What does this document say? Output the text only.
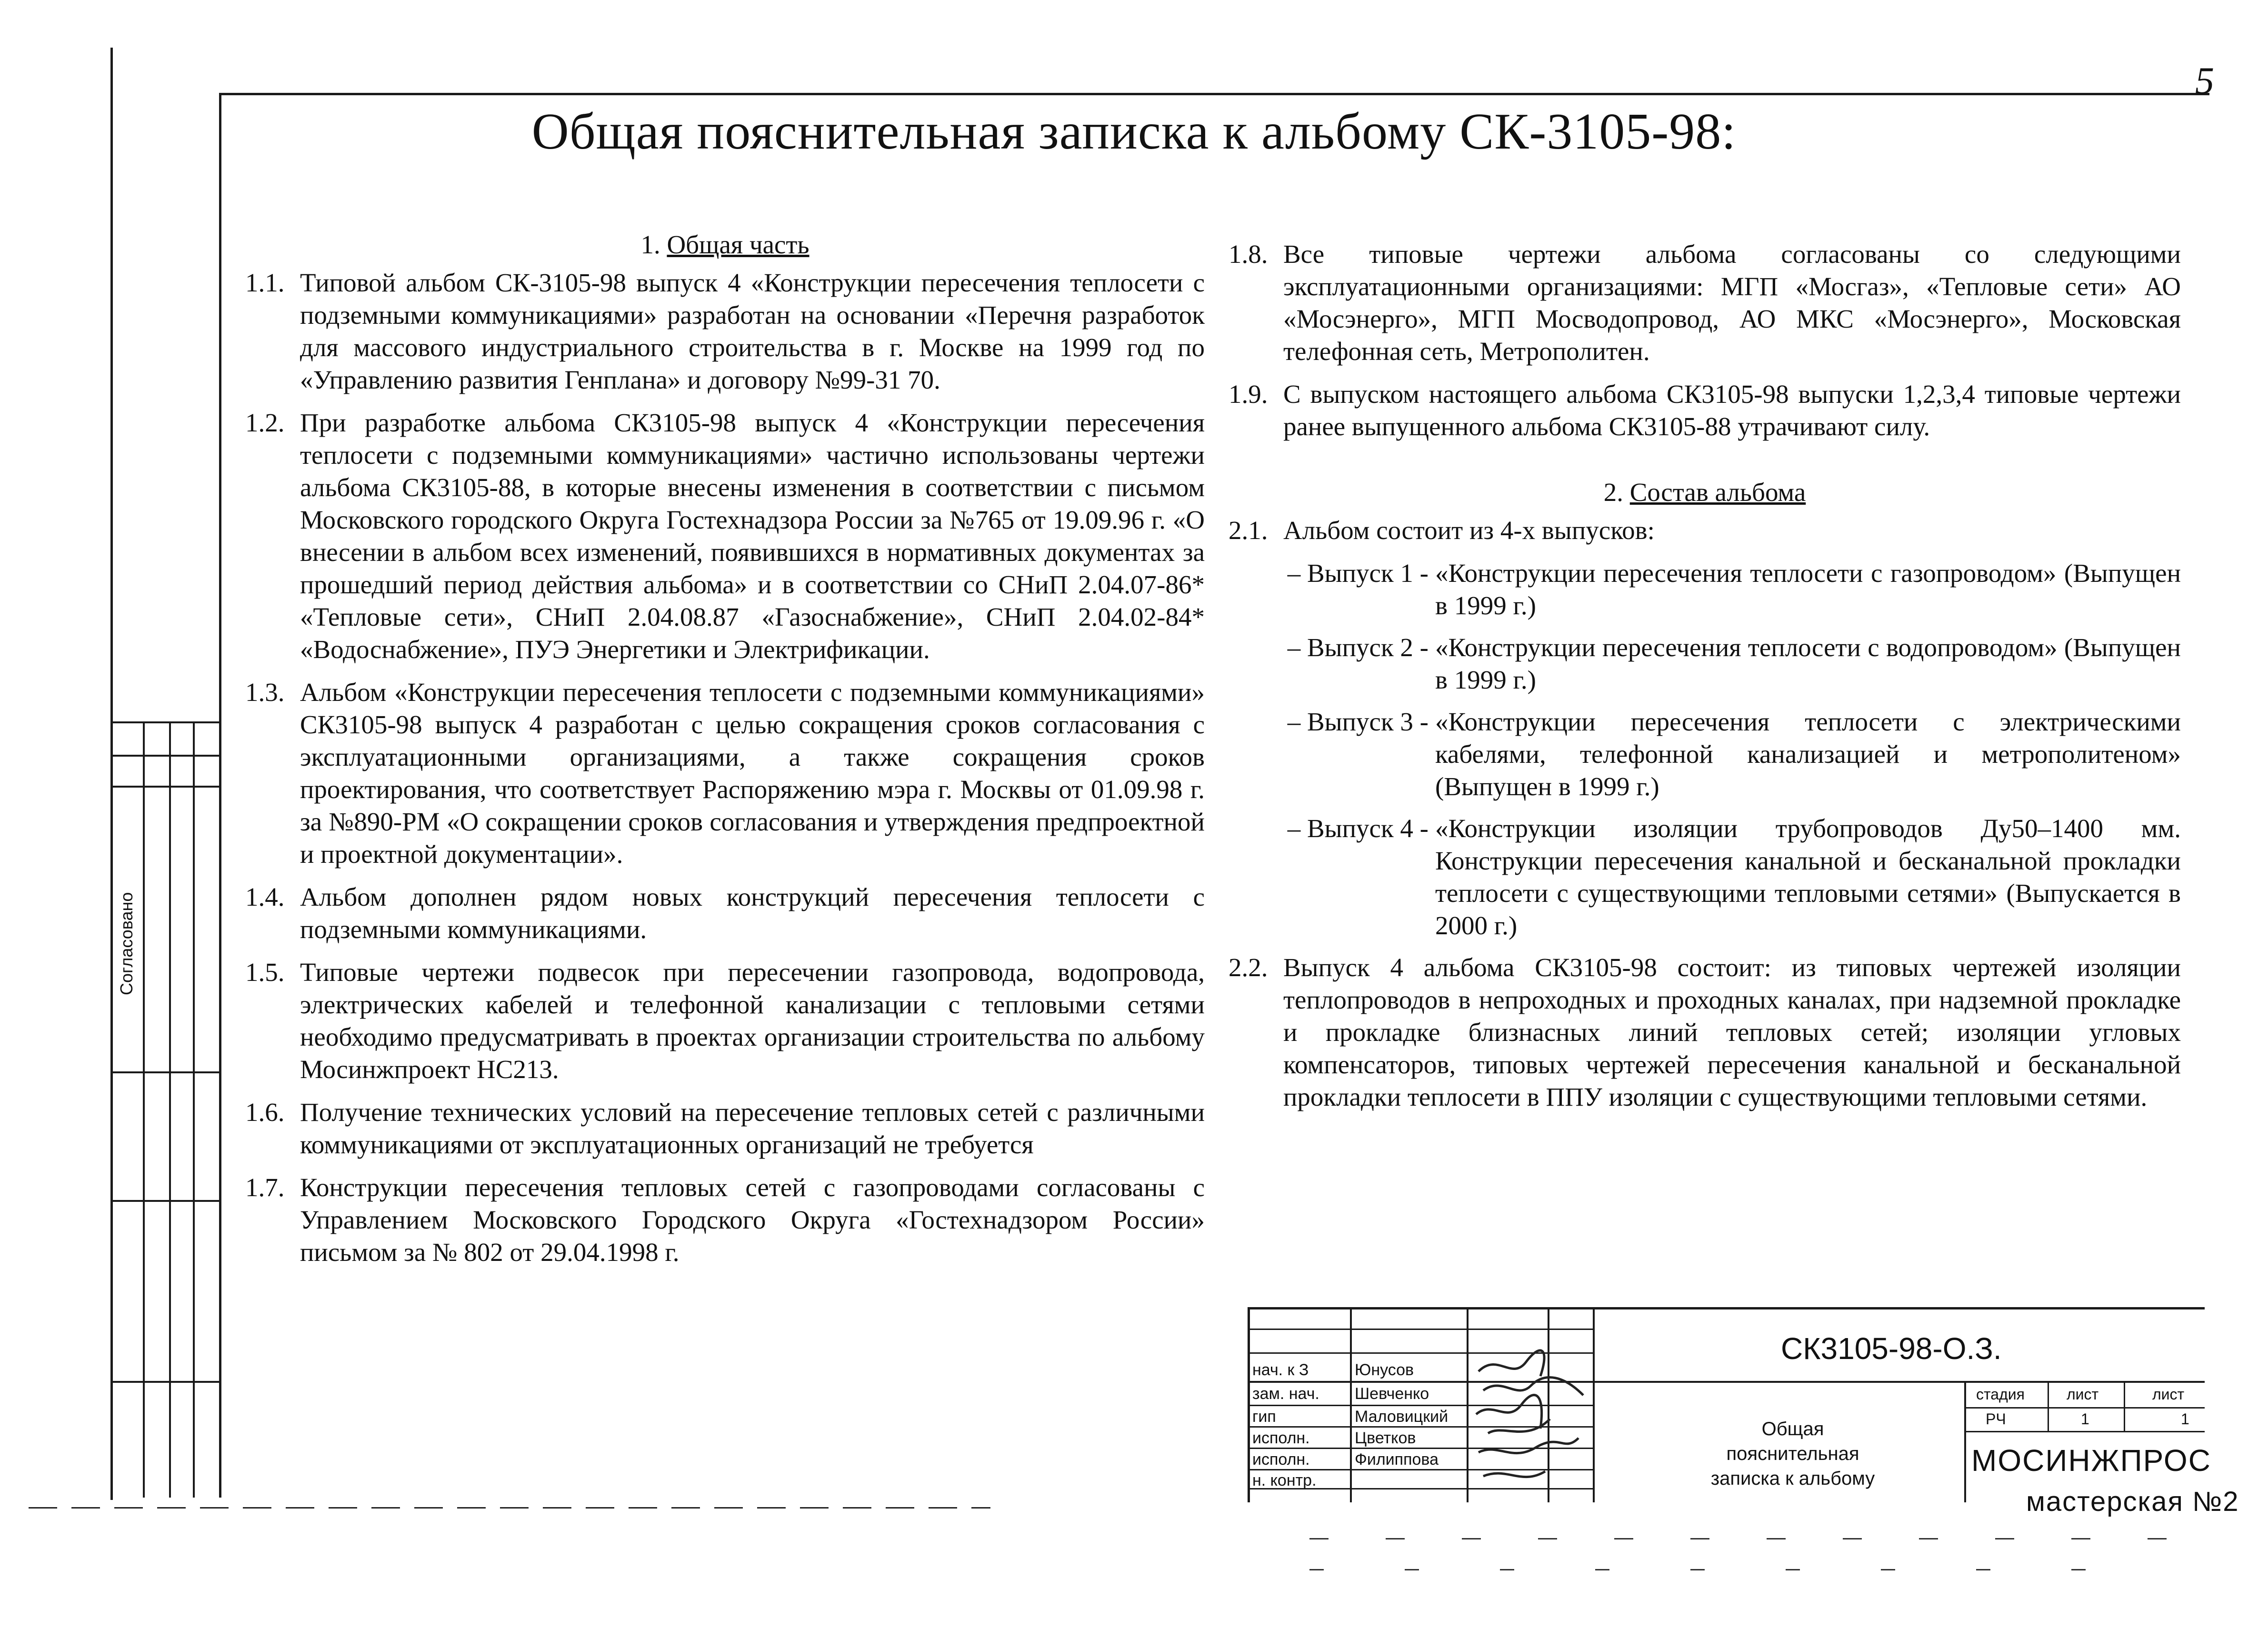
Согласовано
5
Общая пояснительная записка к альбому СК-3105-98:
1. Общая часть
1.1. Типовой альбом СК-3105-98 выпуск 4 «Конструкции пересечения теплосети с подземными коммуникациями» разработан на основании «Перечня разработок для массового индустриального строительства в г. Москве на 1999 год по «Управлению развития Генплана» и договору №99-31 70.
1.2. При разработке альбома СК3105-98 выпуск 4 «Конструкции пересечения теплосети с подземными коммуникациями» частично использованы чертежи альбома СК3105-88, в которые внесены изменения в соответствии с письмом Московского городского Округа Гостехнадзора России за №765 от 19.09.96 г. «О внесении в альбом всех изменений, появившихся в нормативных документах за прошедший период действия альбома» и в соответствии со СНиП 2.04.07-86* «Тепловые сети», СНиП 2.04.08.87 «Газоснабжение», СНиП 2.04.02-84* «Водоснабжение», ПУЭ Энергетики и Электрификации.
1.3. Альбом «Конструкции пересечения теплосети с подземными коммуникациями» СК3105-98 выпуск 4 разработан с целью сокращения сроков согласования с эксплуатационными организациями, а также сокращения сроков проектирования, что соответствует Распоряжению мэра г. Москвы от 01.09.98 г. за №890-РМ «О сокращении сроков согласования и утверждения предпроектной и проектной документации».
1.4. Альбом дополнен рядом новых конструкций пересечения теплосети с подземными коммуникациями.
1.5. Типовые чертежи подвесок при пересечении газопровода, водопровода, электрических кабелей и телефонной канализации с тепловыми сетями необходимо предусматривать в проектах организации строительства по альбому Мосинжпроект НС213.
1.6. Получение технических условий на пересечение тепловых сетей с различными коммуникациями от эксплуатационных организаций не требуется
1.7. Конструкции пересечения тепловых сетей с газопроводами согласованы с Управлением Московского Городского Округа «Гостехнадзором России» письмом за № 802 от 29.04.1998 г.
1.8. Все типовые чертежи альбома согласованы со следующими эксплуатационными организациями: МГП «Мосгаз», «Тепловые сети» АО «Мосэнерго», МГП Мосводопровод, АО МКС «Мосэнерго», Московская телефонная сеть, Метрополитен.
1.9. С выпуском настоящего альбома СК3105-98 выпуски 1,2,3,4 типовые чертежи ранее выпущенного альбома СК3105-88 утрачивают силу.
2. Состав альбома
2.1. Альбом состоит из 4-х выпусков:
– Выпуск 1 - «Конструкции пересечения теплосети с газопроводом» (Выпущен в 1999 г.)
– Выпуск 2 - «Конструкции пересечения теплосети с водопроводом» (Выпущен в 1999 г.)
– Выпуск 3 - «Конструкции пересечения теплосети с электрическими кабелями, телефонной канализацией и метрополитеном» (Выпущен в 1999 г.)
– Выпуск 4 - «Конструкции изоляции трубопроводов Ду50–1400 мм. Конструкции пересечения канальной и бесканальной прокладки теплосети с существующими тепловыми сетями» (Выпускается в 2000 г.)
2.2. Выпуск 4 альбома СК3105-98 состоит: из типовых чертежей изоляции теплопроводов в непроходных и проходных каналах, при надземной прокладке и прокладке близнасных линий тепловых сетей; изоляции угловых компенсаторов, типовых чертежей пересечения канальной и бесканальной прокладки теплосети в ППУ изоляции с существующими тепловыми сетями.
нач. к З	Юнусов
зам. нач.	Шевченко
гип	Маловицкий
исполн.	Цветков
исполн.	Филиппова
н. контр.
СК3105-98-О.З.
Общая пояснительная записка к альбому
стадия	лист	лист
РЧ	1	1
МОСИНЖПРОС
мастерская №2
